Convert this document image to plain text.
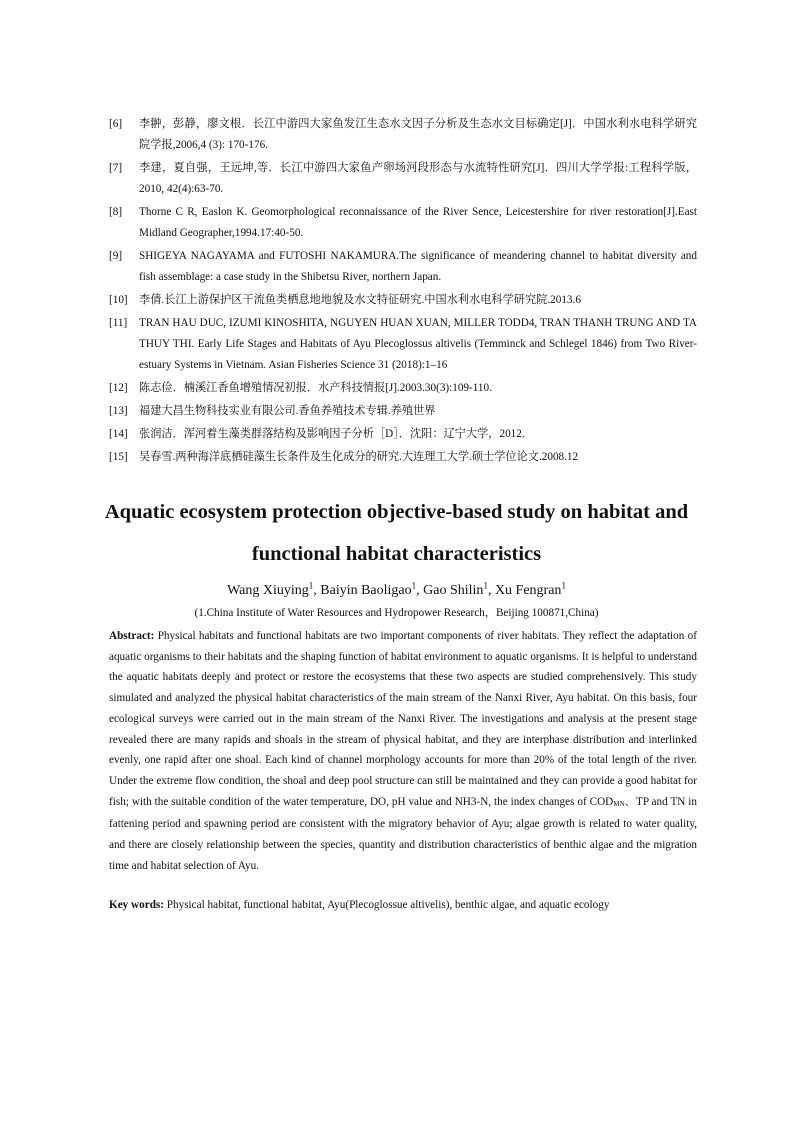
[6]	李翀，彭静，廖文根．长江中游四大家鱼发江生态水文因子分析及生态水文目标确定[J]．中国水利水电科学研究院学报,2006,4 (3): 170-176.
[7]	李建，夏自强，王远坤,等．长江中游四大家鱼产卵场河段形态与水流特性研究[J]．四川大学学报:工程科学版，2010, 42(4):63-70.
[8]	Thorne C R, Easlon K. Geomorphological reconnaissance of the River Sence, Leicestershire for river restoration[J].East Midland Geographer,1994.17:40-50.
[9]	SHIGEYA NAGAYAMA and FUTOSHI NAKAMURA.The significance of meandering channel to habitat diversity and fish assemblage: a case study in the Shibetsu River, northern Japan.
[10]	李倩.长江上游保护区干流鱼类栖息地地貌及水文特征研究.中国水利水电科学研究院.2013.6
[11]	TRAN HAU DUC, IZUMI KINOSHITA, NGUYEN HUAN XUAN, MILLER TODD4, TRAN THANH TRUNG AND TA THUY THI. Early Life Stages and Habitats of Ayu Plecoglossus altivelis (Temminck and Schlegel 1846) from Two River-estuary Systems in Vietnam. Asian Fisheries Science 31 (2018):1–16
[12]	陈志俭．楠溪江香鱼增殖情况初报．水产科技情报[J].2003.30(3):109-110.
[13]	福建大昌生物科技实业有限公司.香鱼养殖技术专辑.养殖世界
[14]	张润洁．浑河着生藻类群落结构及影响因子分析［D］．沈阳：辽宁大学，2012．
[15]	吴春雪.两种海洋底栖硅藻生长条件及生化成分的研究.大连理工大学.硕士学位论文.2008.12
Aquatic ecosystem protection objective-based study on habitat and functional habitat characteristics
Wang Xiuying$^1$, Baiyin Baoligao$^1$, Gao Shilin$^1$, Xu Fengran$^1$
(1.China Institute of Water Resources and Hydropower Research，Beijing 100871,China)
Abstract: Physical habitats and functional habitats are two important components of river habitats. They reflect the adaptation of aquatic organisms to their habitats and the shaping function of habitat environment to aquatic organisms. It is helpful to understand the aquatic habitats deeply and protect or restore the ecosystems that these two aspects are studied comprehensively. This study simulated and analyzed the physical habitat characteristics of the main stream of the Nanxi River, Ayu habitat. On this basis, four ecological surveys were carried out in the main stream of the Nanxi River. The investigations and analysis at the present stage revealed there are many rapids and shoals in the stream of physical habitat, and they are interphase distribution and interlinked evenly, one rapid after one shoal. Each kind of channel morphology accounts for more than 20% of the total length of the river. Under the extreme flow condition, the shoal and deep pool structure can still be maintained and they can provide a good habitat for fish; with the suitable condition of the water temperature, DO, pH value and NH3-N, the index changes of CODMN、TP and TN in fattening period and spawning period are consistent with the migratory behavior of Ayu; algae growth is related to water quality, and there are closely relationship between the species, quantity and distribution characteristics of benthic algae and the migration time and habitat selection of Ayu.
Key words: Physical habitat, functional habitat, Ayu(Plecoglossue altivelis), benthic algae, and aquatic ecology
